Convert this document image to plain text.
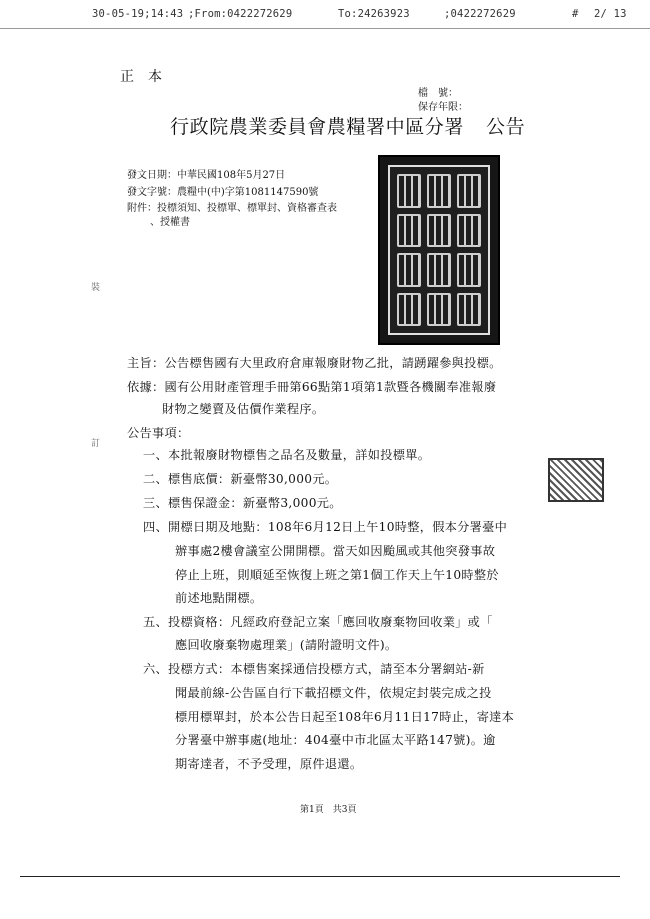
30-05-19;14:43 ;From:0422272629	To:24263923	;0422272629	# 2/ 13
裝
訂
正本
檔　號：
保存年限：
行政院農業委員會農糧署中區分署 公告
發文日期：中華民國108年5月27日
發文字號：農糧中(中)字第1081147590號
附件：投標須知、投標單、標單封、資格審查表
、授權書
主旨：公告標售國有大里政府倉庫報廢財物乙批，請踴躍參與投標。
依據：國有公用財產管理手冊第66點第1項第1款暨各機關奉准報廢
財物之變賣及估價作業程序。
公告事項：
一、本批報廢財物標售之品名及數量，詳如投標單。
二、標售底價：新臺幣30,000元。
三、標售保證金：新臺幣3,000元。
四、開標日期及地點：108年6月12日上午10時整，假本分署臺中
辦事處2樓會議室公開開標。當天如因颱風或其他突發事故
停止上班，則順延至恢復上班之第1個工作天上午10時整於
前述地點開標。
五、投標資格：凡經政府登記立案「應回收廢棄物回收業」或「
應回收廢棄物處理業」(請附證明文件)。
六、投標方式：本標售案採通信投標方式，請至本分署網站-新
聞最前線-公告區自行下載招標文件，依規定封裝完成之投
標用標單封，於本公告日起至108年6月11日17時止，寄達本
分署臺中辦事處(地址：404臺中市北區太平路147號)。逾
期寄達者，不予受理，原件退還。
第1頁　共3頁
